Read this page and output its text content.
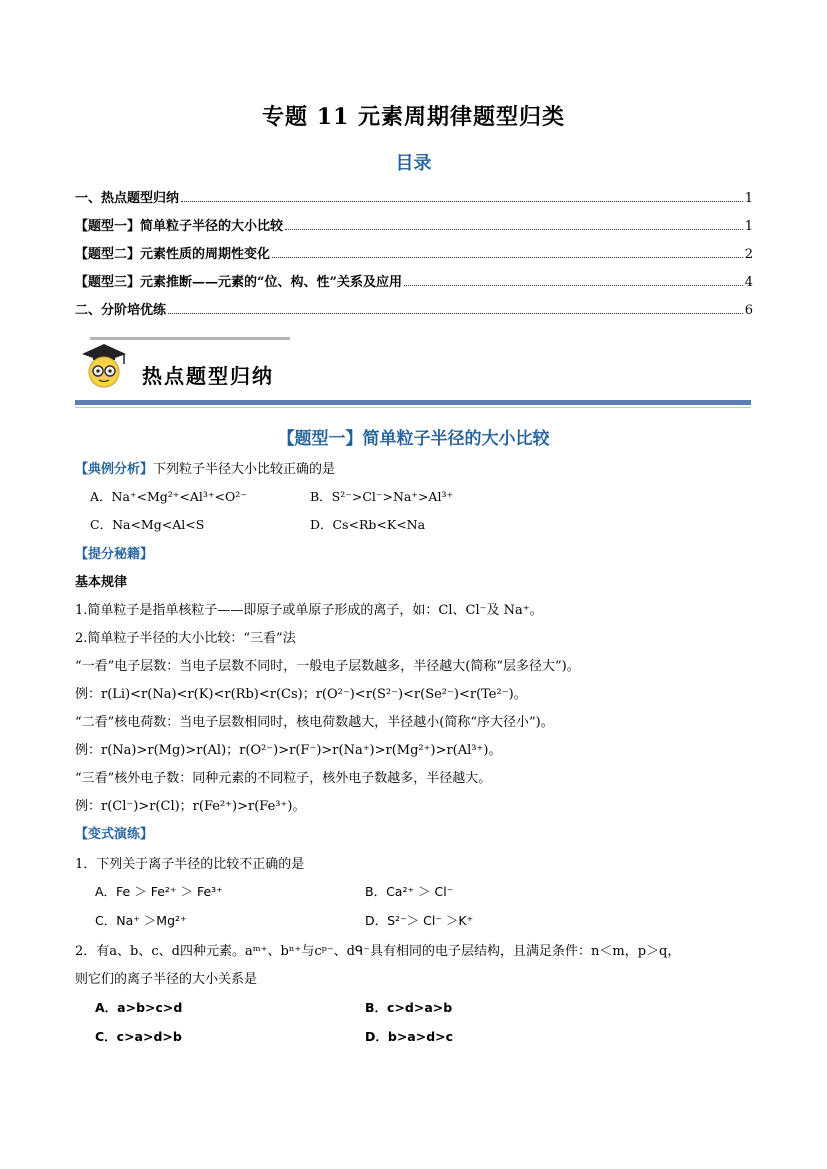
专题 11 元素周期律题型归类
目录
一、热点题型归纳	1
【题型一】简单粒子半径的大小比较	1
【题型二】元素性质的周期性变化	2
【题型三】元素推断——元素的“位、构、性”关系及应用	4
二、分阶培优练	6
热点题型归纳
【题型一】简单粒子半径的大小比较
【典例分析】下列粒子半径大小比较正确的是
A．Na⁺<Mg²⁺<Al³⁺<O²⁻	B．S²⁻>Cl⁻>Na⁺>Al³⁺
C．Na<Mg<Al<S	D．Cs<Rb<K<Na
【提分秘籍】
基本规律
1.简单粒子是指单核粒子——即原子或单原子形成的离子，如：Cl、Cl⁻及 Na⁺。
2.简单粒子半径的大小比较：“三看”法
“一看”电子层数：当电子层数不同时，一般电子层数越多，半径越大(简称“层多径大”)。
例：r(Li)<r(Na)<r(K)<r(Rb)<r(Cs)；r(O²⁻)<r(S²⁻)<r(Se²⁻)<r(Te²⁻)。
“二看”核电荷数：当电子层数相同时，核电荷数越大，半径越小(简称“序大径小”)。
例：r(Na)>r(Mg)>r(Al)；r(O²⁻)>r(F⁻)>r(Na⁺)>r(Mg²⁺)>r(Al³⁺)。
“三看”核外电子数：同种元素的不同粒子，核外电子数越多，半径越大。
例：r(Cl⁻)>r(Cl)；r(Fe²⁺)>r(Fe³⁺)。
【变式演练】
1．下列关于离子半径的比较不正确的是
A．Fe ＞ Fe²⁺ ＞ Fe³⁺	B．Ca²⁺ ＞ Cl⁻
C．Na⁺ ＞Mg²⁺	D．S²⁻＞ Cl⁻ ＞K⁺
2．有a、b、c、d四种元素。aᵐ⁺、bⁿ⁺与cᵖ⁻、dᑫ⁻具有相同的电子层结构，且满足条件：n＜m，p＞q，
则它们的离子半径的大小关系是
A．a>b>c>d	B．c>d>a>b
C．c>a>d>b	D．b>a>d>c
